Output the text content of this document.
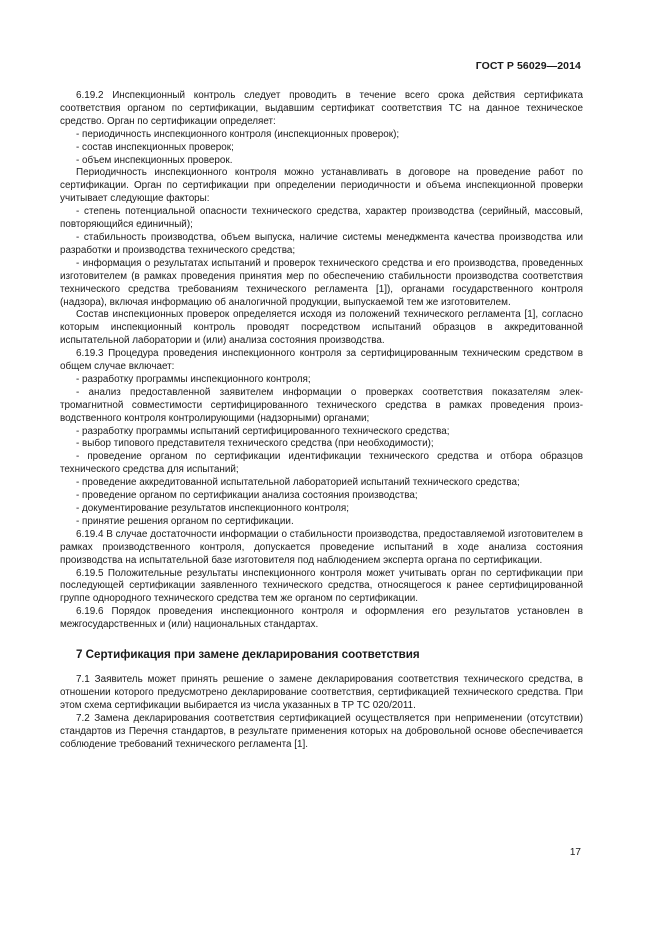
ГОСТ Р 56029—2014

6.19.2 Инспекционный контроль следует проводить в течение всего срока действия сертификата соответствия органом по сертификации, выдавшим сертификат соответствия ТС на данное техническое средство. Орган по сертификации определяет:

- периодичность инспекционного контроля (инспекционных проверок);

- состав инспекционных проверок;

- объем инспекционных проверок.

Периодичность инспекционного контроля можно устанавливать в договоре на проведение работ по сертификации. Орган по сертификации при определении периодичности и объема инспекционной проверки учитывает следующие факторы:

- степень потенциальной опасности технического средства, характер производства (серийный, массовый, повторяющийся единичный);

- стабильность производства, объем выпуска, наличие системы менеджмента качества производства или разработки и производства технического средства;

- информация о результатах испытаний и проверок технического средства и его производства, проведенных изготовителем (в рамках проведения принятия мер по обеспечению стабильности производства соответствия технического средства требованиям технического регламента [1]), органами государственного контроля (надзора), включая информацию об аналогичной продукции, выпускаемой тем же изготовителем.

Состав инспекционных проверок определяется исходя из положений технического регламента [1], согласно которым инспекционный контроль проводят посредством испытаний образцов в аккредитованной испытательной лаборатории и (или) анализа состояния производства.

6.19.3 Процедура проведения инспекционного контроля за сертифицированным техническим средством в общем случае включает:

- разработку программы инспекционного контроля;

- анализ предоставленной заявителем информации о проверках соответствия показателям электромагнитной совместимости сертифицированного технического средства в рамках проведения производственного контроля контролирующими (надзорными) органами;

- разработку программы испытаний сертифицированного технического средства;

- выбор типового представителя технического средства (при необходимости);

- проведение органом по сертификации идентификации технического средства и отбора образцов технического средства для испытаний;

- проведение аккредитованной испытательной лабораторией испытаний технического средства;

- проведение органом по сертификации анализа состояния производства;

- документирование результатов инспекционного контроля;

- принятие решения органом по сертификации.

6.19.4 В случае достаточности информации о стабильности производства, предоставляемой изготовителем в рамках производственного контроля, допускается проведение испытаний в ходе анализа состояния производства на испытательной базе изготовителя под наблюдением эксперта органа по сертификации.

6.19.5 Положительные результаты инспекционного контроля может учитывать орган по сертификации при последующей сертификации заявленного технического средства, относящегося к ранее сертифицированной группе однородного технического средства тем же органом по сертификации.

6.19.6 Порядок проведения инспекционного контроля и оформления его результатов установлен в межгосударственных и (или) национальных стандартах.

7 Сертификация при замене декларирования соответствия

7.1 Заявитель может принять решение о замене декларирования соответствия технического средства, в отношении которого предусмотрено декларирование соответствия, сертификацией технического средства. При этом схема сертификации выбирается из числа указанных в ТР ТС 020/2011.

7.2 Замена декларирования соответствия сертификацией осуществляется при неприменении (отсутствии) стандартов из Перечня стандартов, в результате применения которых на добровольной основе обеспечивается соблюдение требований технического регламента [1].

17
